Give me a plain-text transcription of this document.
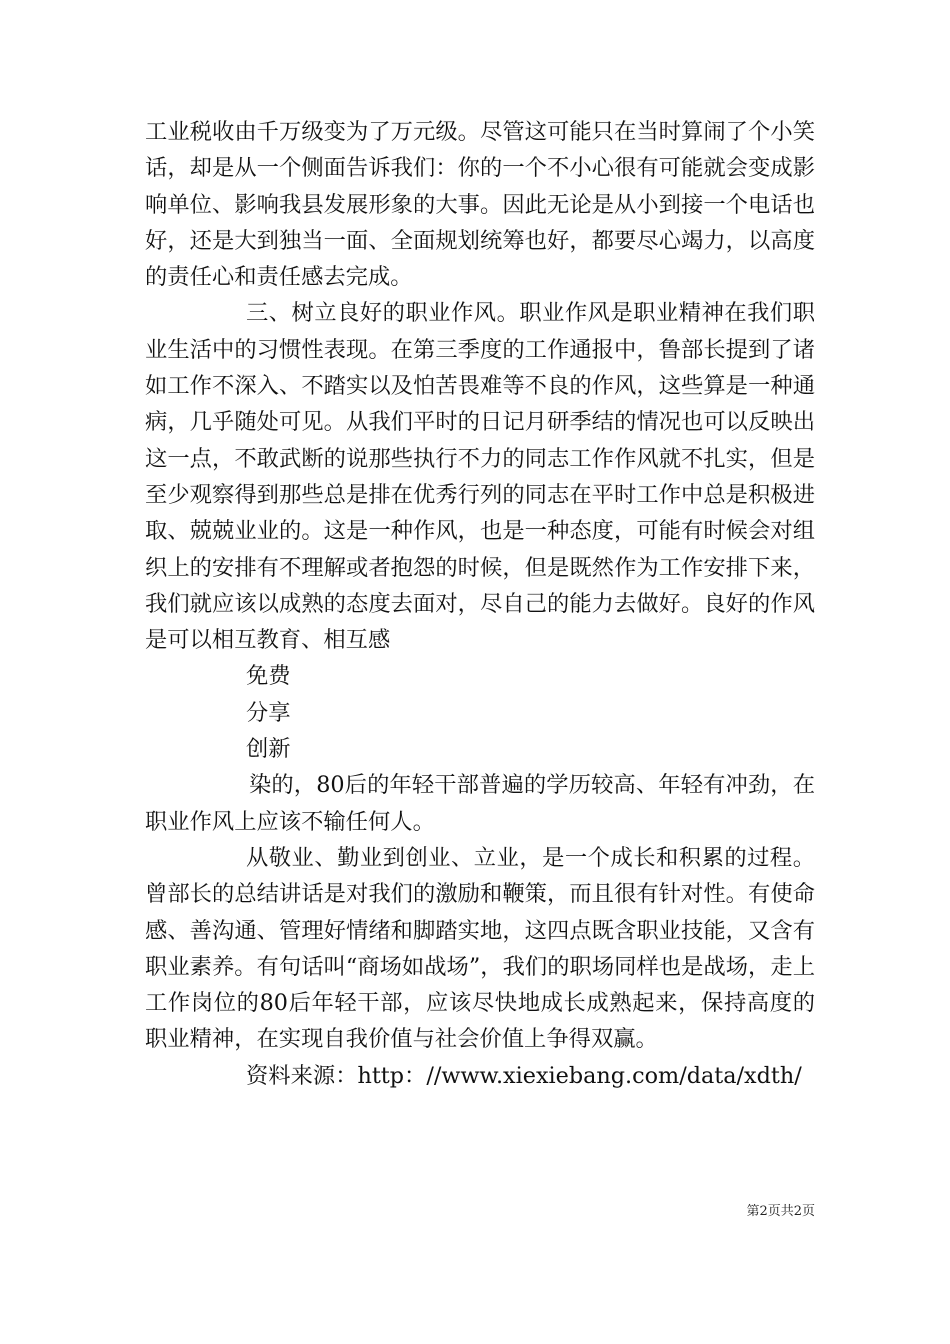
工业税收由千万级变为了万元级。尽管这可能只在当时算闹了个小笑话，却是从一个侧面告诉我们：你的一个不小心很有可能就会变成影响单位、影响我县发展形象的大事。因此无论是从小到接一个电话也好，还是大到独当一面、全面规划统筹也好，都要尽心竭力，以高度的责任心和责任感去完成。

三、树立良好的职业作风。职业作风是职业精神在我们职业生活中的习惯性表现。在第三季度的工作通报中，鲁部长提到了诸如工作不深入、不踏实以及怕苦畏难等不良的作风，这些算是一种通病，几乎随处可见。从我们平时的日记月研季结的情况也可以反映出这一点，不敢武断的说那些执行不力的同志工作作风就不扎实，但是至少观察得到那些总是排在优秀行列的同志在平时工作中总是积极进取、兢兢业业的。这是一种作风，也是一种态度，可能有时候会对组织上的安排有不理解或者抱怨的时候，但是既然作为工作安排下来，我们就应该以成熟的态度去面对，尽自己的能力去做好。良好的作风是可以相互教育、相互感

免费

分享

创新

染的，80后的年轻干部普遍的学历较高、年轻有冲劲，在职业作风上应该不输任何人。

从敬业、勤业到创业、立业，是一个成长和积累的过程。曾部长的总结讲话是对我们的激励和鞭策，而且很有针对性。有使命感、善沟通、管理好情绪和脚踏实地，这四点既含职业技能，又含有职业素养。有句话叫“商场如战场”，我们的职场同样也是战场，走上工作岗位的80后年轻干部，应该尽快地成长成熟起来，保持高度的职业精神，在实现自我价值与社会价值上争得双赢。

资料来源：http：//www.xiexiebang.com/data/xdth/

第2页共2页
